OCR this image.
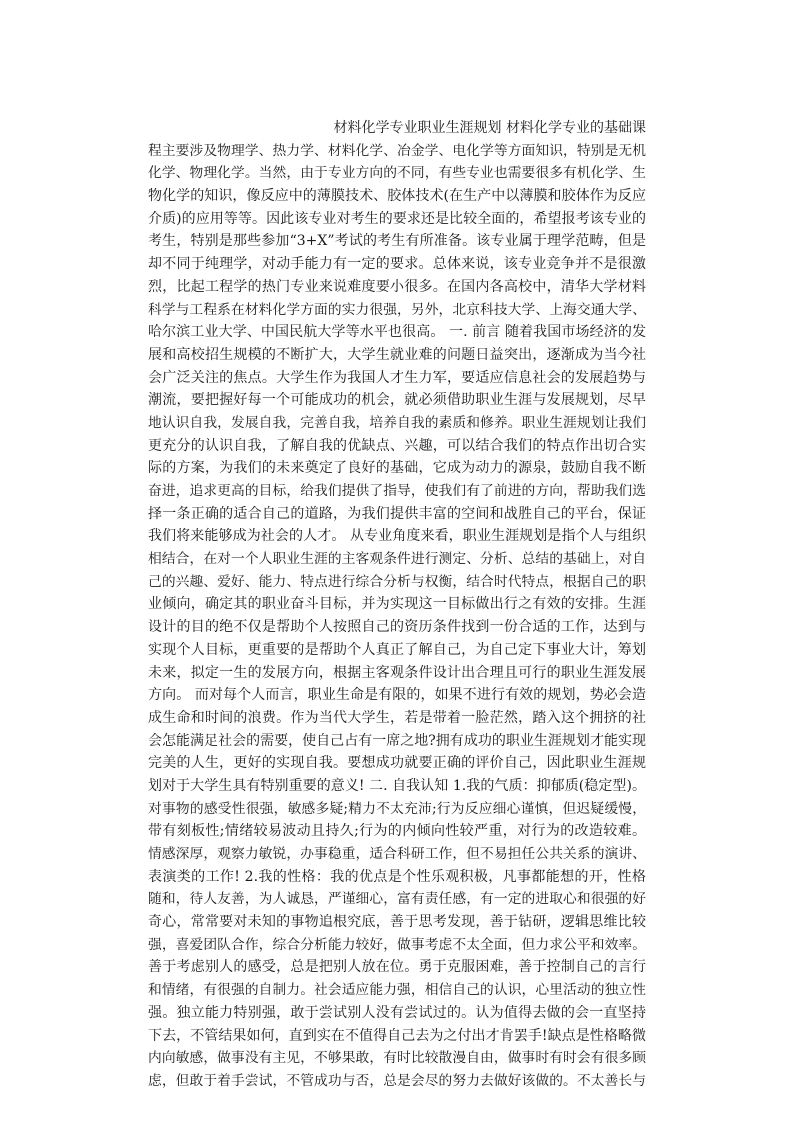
材料化学专业职业生涯规划 材料化学专业的基础课
程主要涉及物理学、热力学、材料化学、冶金学、电化学等方面知识，特别是无机
化学、物理化学。当然，由于专业方向的不同，有些专业也需要很多有机化学、生
物化学的知识，像反应中的薄膜技术、胶体技术(在生产中以薄膜和胶体作为反应
介质)的应用等等。因此该专业对考生的要求还是比较全面的，希望报考该专业的
考生，特别是那些参加“3+X”考试的考生有所准备。该专业属于理学范畴，但是
却不同于纯理学，对动手能力有一定的要求。总体来说，该专业竞争并不是很激
烈，比起工程学的热门专业来说难度要小很多。在国内各高校中，清华大学材料
科学与工程系在材料化学方面的实力很强，另外，北京科技大学、上海交通大学、
哈尔滨工业大学、中国民航大学等水平也很高。 一. 前言 随着我国市场经济的发
展和高校招生规模的不断扩大，大学生就业难的问题日益突出，逐渐成为当今社
会广泛关注的焦点。大学生作为我国人才生力军，要适应信息社会的发展趋势与
潮流，要把握好每一个可能成功的机会，就必须借助职业生涯与发展规划，尽早
地认识自我，发展自我，完善自我，培养自我的素质和修养。职业生涯规划让我们
更充分的认识自我，了解自我的优缺点、兴趣，可以结合我们的特点作出切合实
际的方案，为我们的未来奠定了良好的基础，它成为动力的源泉，鼓励自我不断
奋进，追求更高的目标，给我们提供了指导，使我们有了前进的方向，帮助我们选
择一条正确的适合自己的道路，为我们提供丰富的空间和战胜自己的平台，保证
我们将来能够成为社会的人才。 从专业角度来看，职业生涯规划是指个人与组织
相结合，在对一个人职业生涯的主客观条件进行测定、分析、总结的基础上，对自
己的兴趣、爱好、能力、特点进行综合分析与权衡，结合时代特点，根据自己的职
业倾向，确定其的职业奋斗目标，并为实现这一目标做出行之有效的安排。生涯
设计的目的绝不仅是帮助个人按照自己的资历条件找到一份合适的工作，达到与
实现个人目标，更重要的是帮助个人真正了解自己，为自己定下事业大计，筹划
未来，拟定一生的发展方向，根据主客观条件设计出合理且可行的职业生涯发展
方向。 而对每个人而言，职业生命是有限的，如果不进行有效的规划，势必会造
成生命和时间的浪费。作为当代大学生，若是带着一脸茫然，踏入这个拥挤的社
会怎能满足社会的需要，使自己占有一席之地?拥有成功的职业生涯规划才能实现
完美的人生，更好的实现自我。要想成功就要正确的评价自己，因此职业生涯规
划对于大学生具有特别重要的意义! 二. 自我认知 1.我的气质：抑郁质(稳定型)。
对事物的感受性很强，敏感多疑;精力不太充沛;行为反应细心谨慎，但迟疑缓慢，
带有刻板性;情绪较易波动且持久;行为的内倾向性较严重，对行为的改造较难。
情感深厚，观察力敏锐，办事稳重，适合科研工作，但不易担任公共关系的演讲、
表演类的工作! 2.我的性格：我的优点是个性乐观积极，凡事都能想的开，性格
随和，待人友善，为人诚恳，严谨细心，富有责任感，有一定的进取心和很强的好
奇心，常常要对未知的事物追根究底，善于思考发现，善于钻研，逻辑思维比较
强，喜爱团队合作，综合分析能力较好，做事考虑不太全面，但力求公平和效率。
善于考虑别人的感受，总是把别人放在位。勇于克服困难，善于控制自己的言行
和情绪，有很强的自制力。社会适应能力强，相信自己的认识，心里活动的独立性
强。独立能力特别强，敢于尝试别人没有尝试过的。认为值得去做的会一直坚持
下去，不管结果如何，直到实在不值得自己去为之付出才肯罢手!缺点是性格略微
内向敏感，做事没有主见，不够果敢，有时比较散漫自由，做事时有时会有很多顾
虑，但敢于着手尝试，不管成功与否，总是会尽的努力去做好该做的。不太善长与
